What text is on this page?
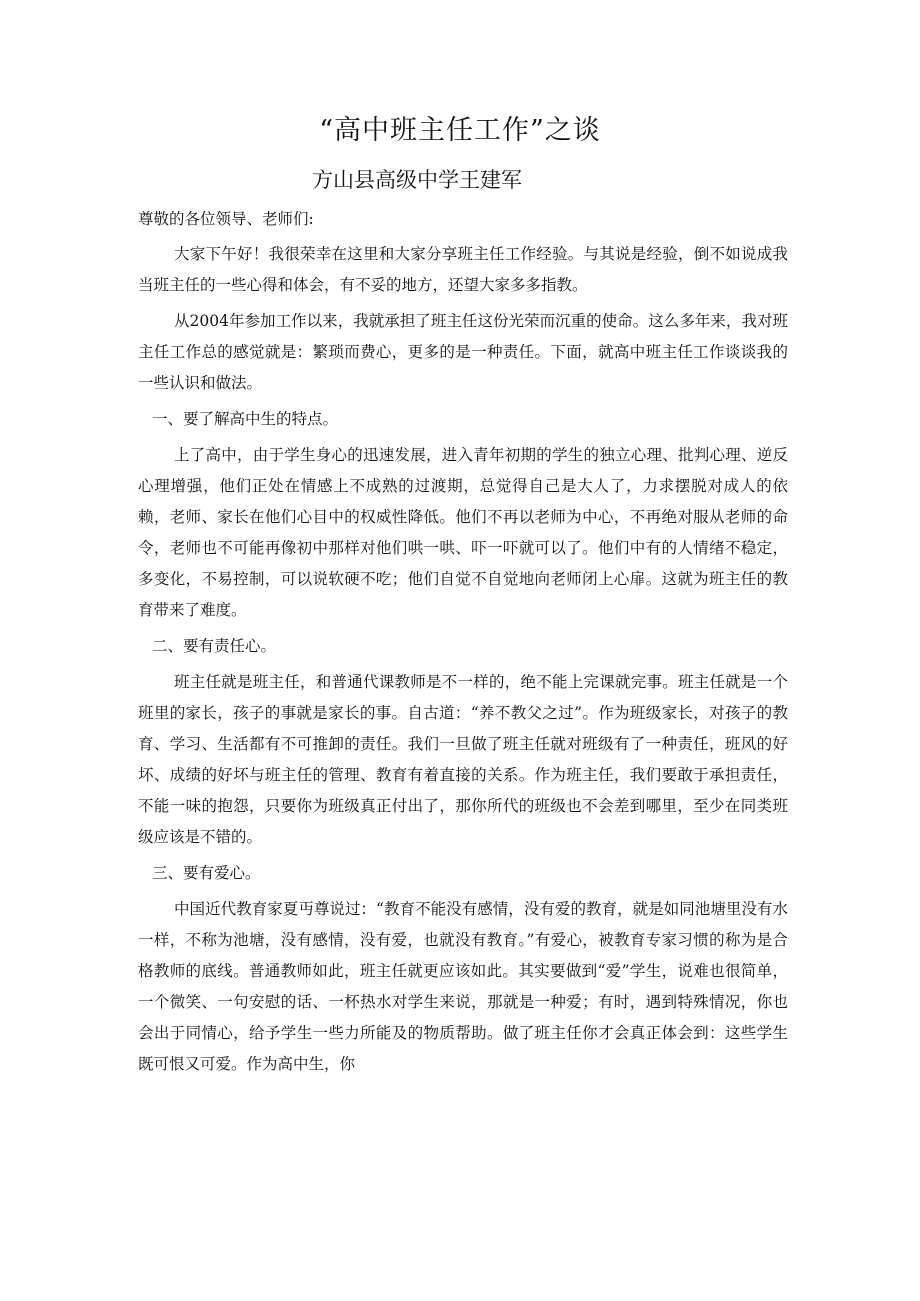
“高中班主任工作”之谈
方山县高级中学王建军

尊敬的各位领导、老师们:

大家下午好！我很荣幸在这里和大家分享班主任工作经验。与其说是经验，倒不如说成我当班主任的一些心得和体会，有不妥的地方，还望大家多多指教。

从2004年参加工作以来，我就承担了班主任这份光荣而沉重的使命。这么多年来，我对班主任工作总的感觉就是：繁琐而费心，更多的是一种责任。下面，就高中班主任工作谈谈我的一些认识和做法。

一、要了解高中生的特点。

上了高中，由于学生身心的迅速发展，进入青年初期的学生的独立心理、批判心理、逆反心理增强，他们正处在情感上不成熟的过渡期，总觉得自己是大人了，力求摆脱对成人的依赖，老师、家长在他们心目中的权威性降低。他们不再以老师为中心，不再绝对服从老师的命令，老师也不可能再像初中那样对他们哄一哄、吓一吓就可以了。他们中有的人情绪不稳定，多变化，不易控制，可以说软硬不吃；他们自觉不自觉地向老师闭上心扉。这就为班主任的教育带来了难度。

二、要有责任心。

班主任就是班主任，和普通代课教师是不一样的，绝不能上完课就完事。班主任就是一个班里的家长，孩子的事就是家长的事。自古道：“养不教父之过”。作为班级家长，对孩子的教育、学习、生活都有不可推卸的责任。我们一旦做了班主任就对班级有了一种责任，班风的好坏、成绩的好坏与班主任的管理、教育有着直接的关系。作为班主任，我们要敢于承担责任，不能一味的抱怨，只要你为班级真正付出了，那你所代的班级也不会差到哪里，至少在同类班级应该是不错的。

三、要有爱心。

中国近代教育家夏丏尊说过：“教育不能没有感情，没有爱的教育，就是如同池塘里没有水一样，不称为池塘，没有感情，没有爱，也就没有教育。”有爱心，被教育专家习惯的称为是合格教师的底线。普通教师如此，班主任就更应该如此。其实要做到“爱”学生，说难也很简单，一个微笑、一句安慰的话、一杯热水对学生来说，那就是一种爱；有时，遇到特殊情况，你也会出于同情心，给予学生一些力所能及的物质帮助。做了班主任你才会真正体会到：这些学生既可恨又可爱。作为高中生，你
